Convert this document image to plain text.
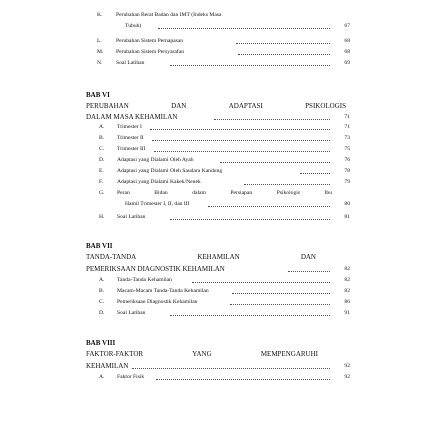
K. Perubahan Berat Badan dan IMT (Indeks Masa
Tubuh)	67
L.	Perubahan Sistem Pernapasan	68
M. Perubahan Sistem Persyarafan	68
N. Soal Latihan	69
BAB VI
PERUBAHAN	DAN	ADAPTASI	PSIKOLOGIS
DALAM MASA KEHAMILAN	71
A. Trimester I	71
B. Trimester II	73
C. Trimester III	75
D. Adaptasi yang Dialami Oleh Ayah	76
E. Adaptasi yang Dialami Oleh Saudara Kandung	78
F. Adaptasi yang Dialami Kakek/Nenek	79
G. Peran	Bidan	dalam	Persiapan	Psikologis	Ibu
Hamil Trimester I, II, dan III	80
H. Soal Latihan	81
BAB VII
TANDA-TANDA	KEHAMILAN	DAN
PEMERIKSAAN DIAGNOSTIK KEHAMILAN	82
A. Tanda-Tanda Kehamilan	82
B. Macam-Macam Tanda-Tanda Kehamilan	82
C. Pemeriksaan Diagnostik Kehamilan	86
D. Soal Latihan	91
BAB VIII
FAKTOR-FAKTOR	YANG	MEMPENGARUHI
KEHAMILAN	92
A. Faktor Fisik	92
